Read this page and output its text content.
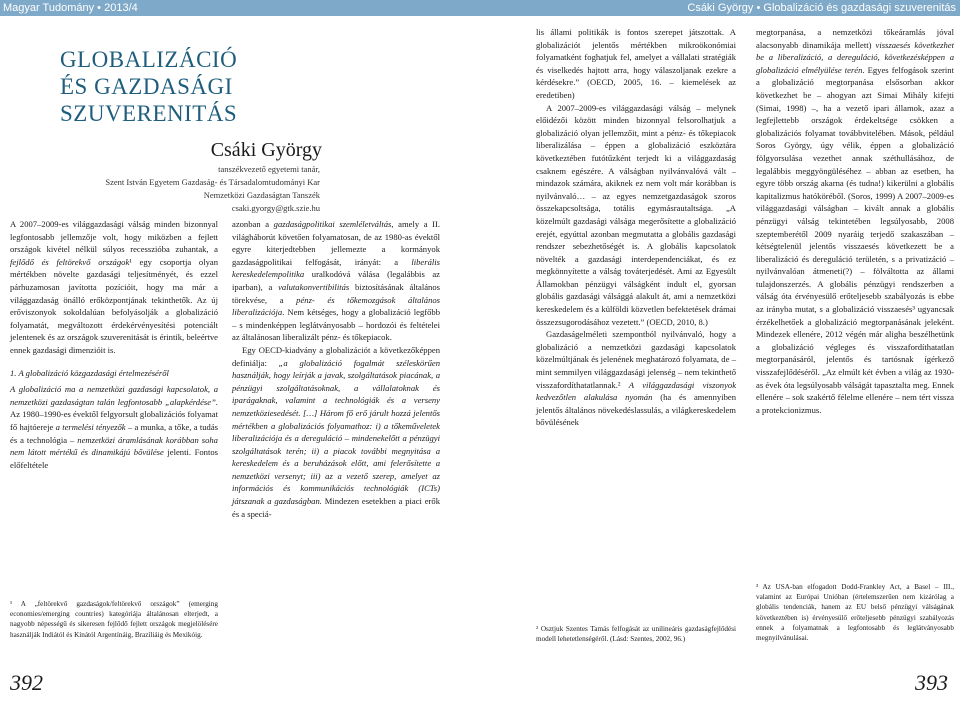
Magyar Tudomány • 2013/4
GLOBALIZÁCIÓ
ÉS GAZDASÁGI SZUVERENITÁS
Csáki György
tanszékvezető egyetemi tanár,
Szent István Egyetem Gazdaság- és Társadalomtudományi Kar
Nemzetközi Gazdaságtan Tanszék
csaki.gyorgy@gtk.szie.hu

A 2007–2009-es világgazdasági válság minden bizonnyal legfontosabb jellemzője volt, hogy miközben a fejlett országok kivétel nélkül súlyos recesszióba zuhantak, a fejlődő és feltörekvő országok¹ egy csoportja olyan mértékben növelte gazdasági teljesítményét, és ezzel párhuzamosan javította pozícióit, hogy ma már a világgazdaság önálló erőközpontjának tekinthetők. Az új erőviszonyok sokoldalúan befolyásolják a globalizáció folyamatát, megváltozott érdekérvényesítési potenciált jelentenek és az országok szuverenitását is érintik, beleértve ennek gazdasági dimenzióit is.

1. A globalizáció közgazdasági értelmezéséről

A globalizáció ma a nemzetközi gazdasági kapcsolatok, a nemzetközi gazdaságtan talán legfontosabb „alapkérdése”. Az 1980–1990-es évektől felgyorsult globalizációs folyamat fő hajtóereje a termelési tényezők – a munka, a tőke, a tudás és a technológia – nemzetközi áramlásának korábban soha nem látott mértékű és dinamikájú bővülése jelenti. Fontos előfeltétele

¹ A „feltörekvő gazdaságok/feltörekvő országok” (emerging economies/emerging countries) kategóriája általánosan elterjedt, a nagyobb népességű és sikeresen fejlődő fejlett országok megjelölésére használják Indiától és Kínától Argentínáig, Brazíliáig és Mexikóig.

azonban a gazdaságpolitikai szemléletváltás, amely a II. világháborút követően folyamatosan, de az 1980-as évektől egyre kiterjedtebben jellemezte a kormányok gazdaságpolitikai felfogását, irányát: a liberális kereskedelempolitika uralkodóvá válása (legalábbis az iparban), a valutakonvertibilitás biztosításának általános törekvése, a pénz- és tőkemozgások általános liberalizációja. Nem kétséges, hogy a globalizáció legfőbb – s mindenképpen leglátványosabb – hordozói és feltételei az általánosan liberalizált pénz- és tőkepiacok.

Egy OECD-kiadvány a globalizációt a következőképpen definiálja: „a globalizáció fogalmát széleskörűen használják, hogy leírják a javak, szolgáltatások piacának, a pénzügyi szolgáltatásoknak, a vállalatoknak és iparágaknak, valamint a technológiák és a verseny nemzetköziesedését. […] Három fő erő járult hozzá jelentős mértékben a globalizációs folyamathoz: i) a tőkeműveletek liberalizációja és a dereguláció – mindenekelőtt a pénzügyi szolgáltatások terén; ii) a piacok további megnyitása a kereskedelem és a beruházások előtt, ami felerősítette a nemzetközi versenyt; iii) az a vezető szerep, amelyet az információs és kommunikációs technológiák (ICTs) játszanak a gazdaságban. Mindezen esetekben a piaci erők és a speciá-

392
Csáki György • Globalizáció és gazdasági szuverenitás

lis állami politikák is fontos szerepet játszottak. A globalizációt jelentős mértékben mikroökonómiai folyamatként foghatjuk fel, amelyet a vállalati stratégiák és viselkedés hajtott arra, hogy válaszoljanak ezekre a kérdésekre.” (OECD, 2005, 16. – kiemelések az eredetiben)

A 2007–2009-es világgazdasági válság – melynek előidézői között minden bizonnyal felsorolhatjuk a globalizáció olyan jellemzőit, mint a pénz- és tőkepiacok liberalizálása – éppen a globalizáció eszköztára következtében futótűzként terjedt ki a világgazdaság csaknem egészére. A válságban nyilvánvalóvá vált – mindazok számára, akiknek ez nem volt már korábban is nyilvánvaló… – az egyes nemzetgazdaságok szoros összekapcsoltsága, totális egymásrautaltsága. „A közelmúlt gazdasági válsága megerősítette a globalizáció erejét, egyúttal azonban megmutatta a globális gazdasági rendszer sebezhetőségét is. A globális kapcsolatok növelték a gazdasági interdependenciákat, és ez megkönnyítette a válság továterjedését. Ami az Egyesült Államokban pénzügyi válságként indult el, gyorsan globális gazdasági válsággá alakult át, ami a nemzetközi kereskedelem és a külföldi közvetlen befektetések drámai összezsugorodásához vezetett.” (OECD, 2010, 8.)

Gazdaságelméleti szempontból nyilvánvaló, hogy a globalizáció a nemzetközi gazdasági kapcsolatok közelmúltjának és jelenének meghatározó folyamata, de – mint semmilyen világgazdasági jelenség – nem tekinthető visszafordíthatatlannak.² A világgazdasági viszonyok kedvezőtlen alakulása nyomán (ha és amennyiben jelentős általános növekedéslassulás, a világkereskedelem bővülésének

² Osztjuk Szentes Tamás felfogását az unilineáris gazdaságfejlődési modell lehetetlenségéről. (Lásd: Szentes, 2002, 96.)

megtorpanása, a nemzetközi tőkeáramlás jóval alacsonyabb dinamikája mellett) visszaesés következhet be a liberalizáció, a dereguláció, következésképpen a globalizáció elmélyülése terén. Egyes felfogások szerint a globalizáció megtorpanása elsősorban akkor következhet be – ahogyan azt Simai Mihály kifejti (Simai, 1998) –, ha a vezető ipari államok, azaz a legfejlettebb országok érdekeltsége csökken a globalizációs folyamat továbbvitelében. Mások, például Soros György, úgy vélik, éppen a globalizáció fölgyorsulása vezethet annak széthullásához, de legalábbis meggyöngüléséhez – abban az esetben, ha egyre több ország akarna (és tudna!) kikerülni a globális kapitalizmus hatóköréből. (Soros, 1999) A 2007–2009-es világgazdasági válságban – kivált annak a globális pénzügyi válság tekintetében legsúlyosabb, 2008 szeptemberétől 2009 nyaráig terjedő szakaszában – kétségtelenül jelentős visszaesés következett be a liberalizáció és dereguláció területén, s a privatizáció – nyilvánvalóan átmeneti(?) – fölváltotta az állami tulajdonszerzés. A globális pénzügyi rendszerben a válság óta érvényesülő erőteljesebb szabályozás is ebbe az irányba mutat, s a globalizáció visszaesés³ ugyancsak érzékelhetőek a globalizáció megtorpanásának jeleként. Mindezek ellenére, 2012 végén már aligha beszélhetünk a globalizáció végleges és visszafordíthatatlan megtorpanásáról, jelentős és tartósnak ígérkező visszafejlődéséről. „Az elmúlt két évben a világ az 1930-as évek óta legsúlyosabb válságát tapasztalta meg. Ennek ellenére – sok szakértő félelme ellenére – nem tért vissza a protekcionizmus.

³ Az USA-ban elfogadott Dodd-Frankley Act, a Basel – III., valamint az Európai Unióban (értelemszerűen nem kizárólag a globális tendenciák, hanem az EU belső pénzügyi válságának következtében is) érvényesülő erőteljesebb pénzügyi szabályozás ennek a folyamatnak a legfontosabb és leglátványosabb megnyilvánulásai.
393
